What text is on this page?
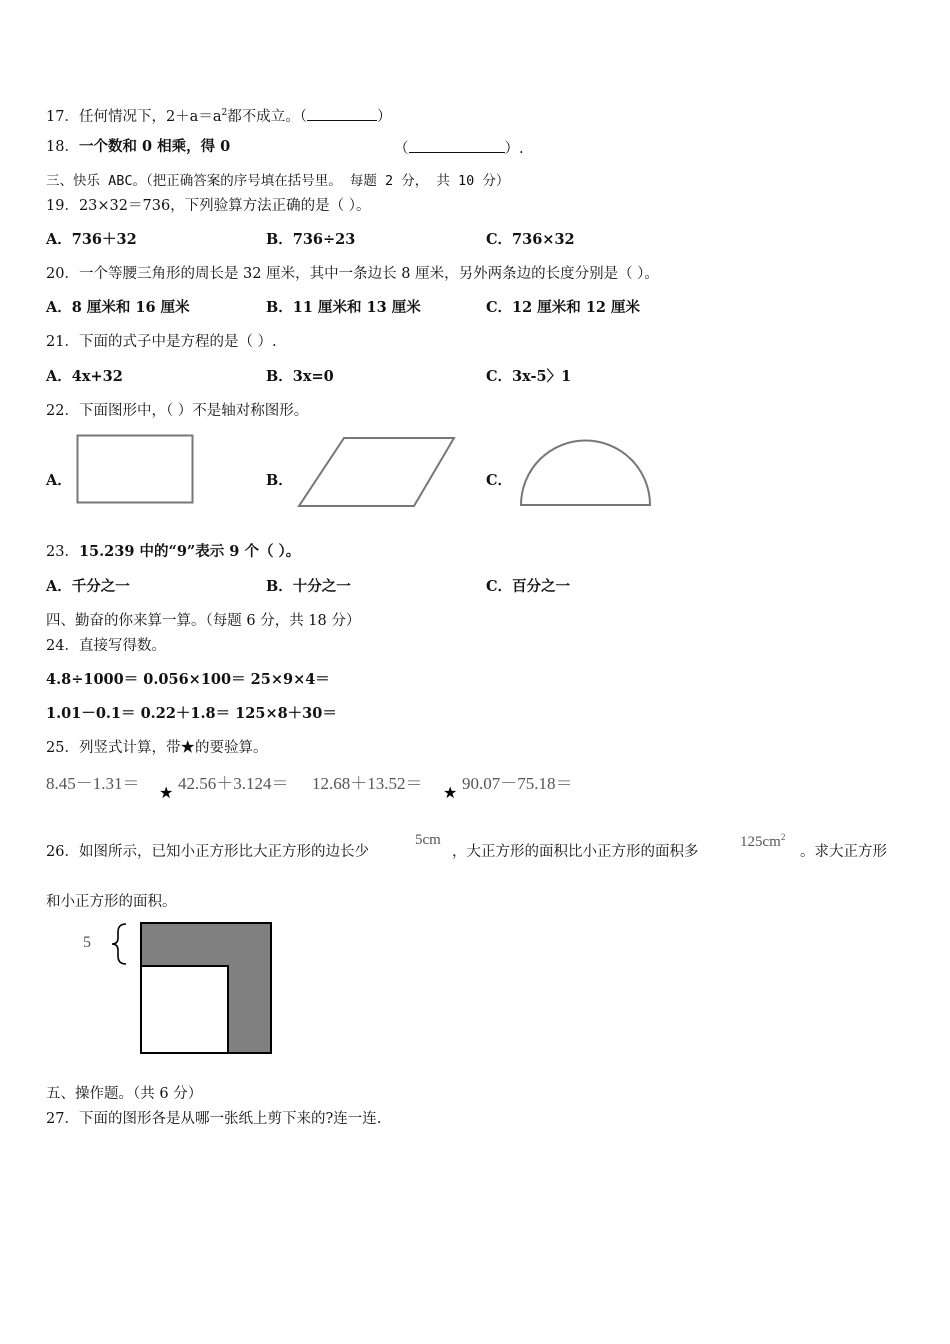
17．任何情况下，$2+a=a^2$都不成立。（	）
18．一个数和 0 相乘，得 0	（	）.
三、快乐 ABC。（把正确答案的序号填在括号里。 每题 2 分， 共 10 分）
19．23×32＝736，下列验算方法正确的是（ ）。
A．736＋32	B．736÷23	C．736×32
20．一个等腰三角形的周长是 32 厘米，其中一条边长 8 厘米，另外两条边的长度分别是（ ）。
A．8 厘米和 16 厘米	B．11 厘米和 13 厘米	C．12 厘米和 12 厘米
21．下面的式子中是方程的是（ ）.
A．4x+32	B．3x=0	C．3x-5〉1
22．下面图形中，（ ）不是轴对称图形。
A．	B．	C．
23．15.239 中的“9”表示 9 个（ ）。
A．千分之一	B．十分之一	C．百分之一
四、勤奋的你来算一算。（每题 6 分，共 18 分）
24．直接写得数。
4.8÷1000＝ 0.056×100＝ 25×9×4＝
1.01－0.1＝ 0.22＋1.8＝ 125×8＋30＝
25．列竖式计算，带★的要验算。
8.45－1.31＝ ★ 42.56＋3.124＝ 12.68＋13.52＝ ★ 90.07－75.18＝
26．如图所示，已知小正方形比大正方形的边长少
5cm
，大正方形的面积比小正方形的面积多
$125cm^2$
。求大正方形
和小正方形的面积。
5
五、操作题。（共 6 分）
27．下面的图形各是从哪一张纸上剪下来的?连一连.
